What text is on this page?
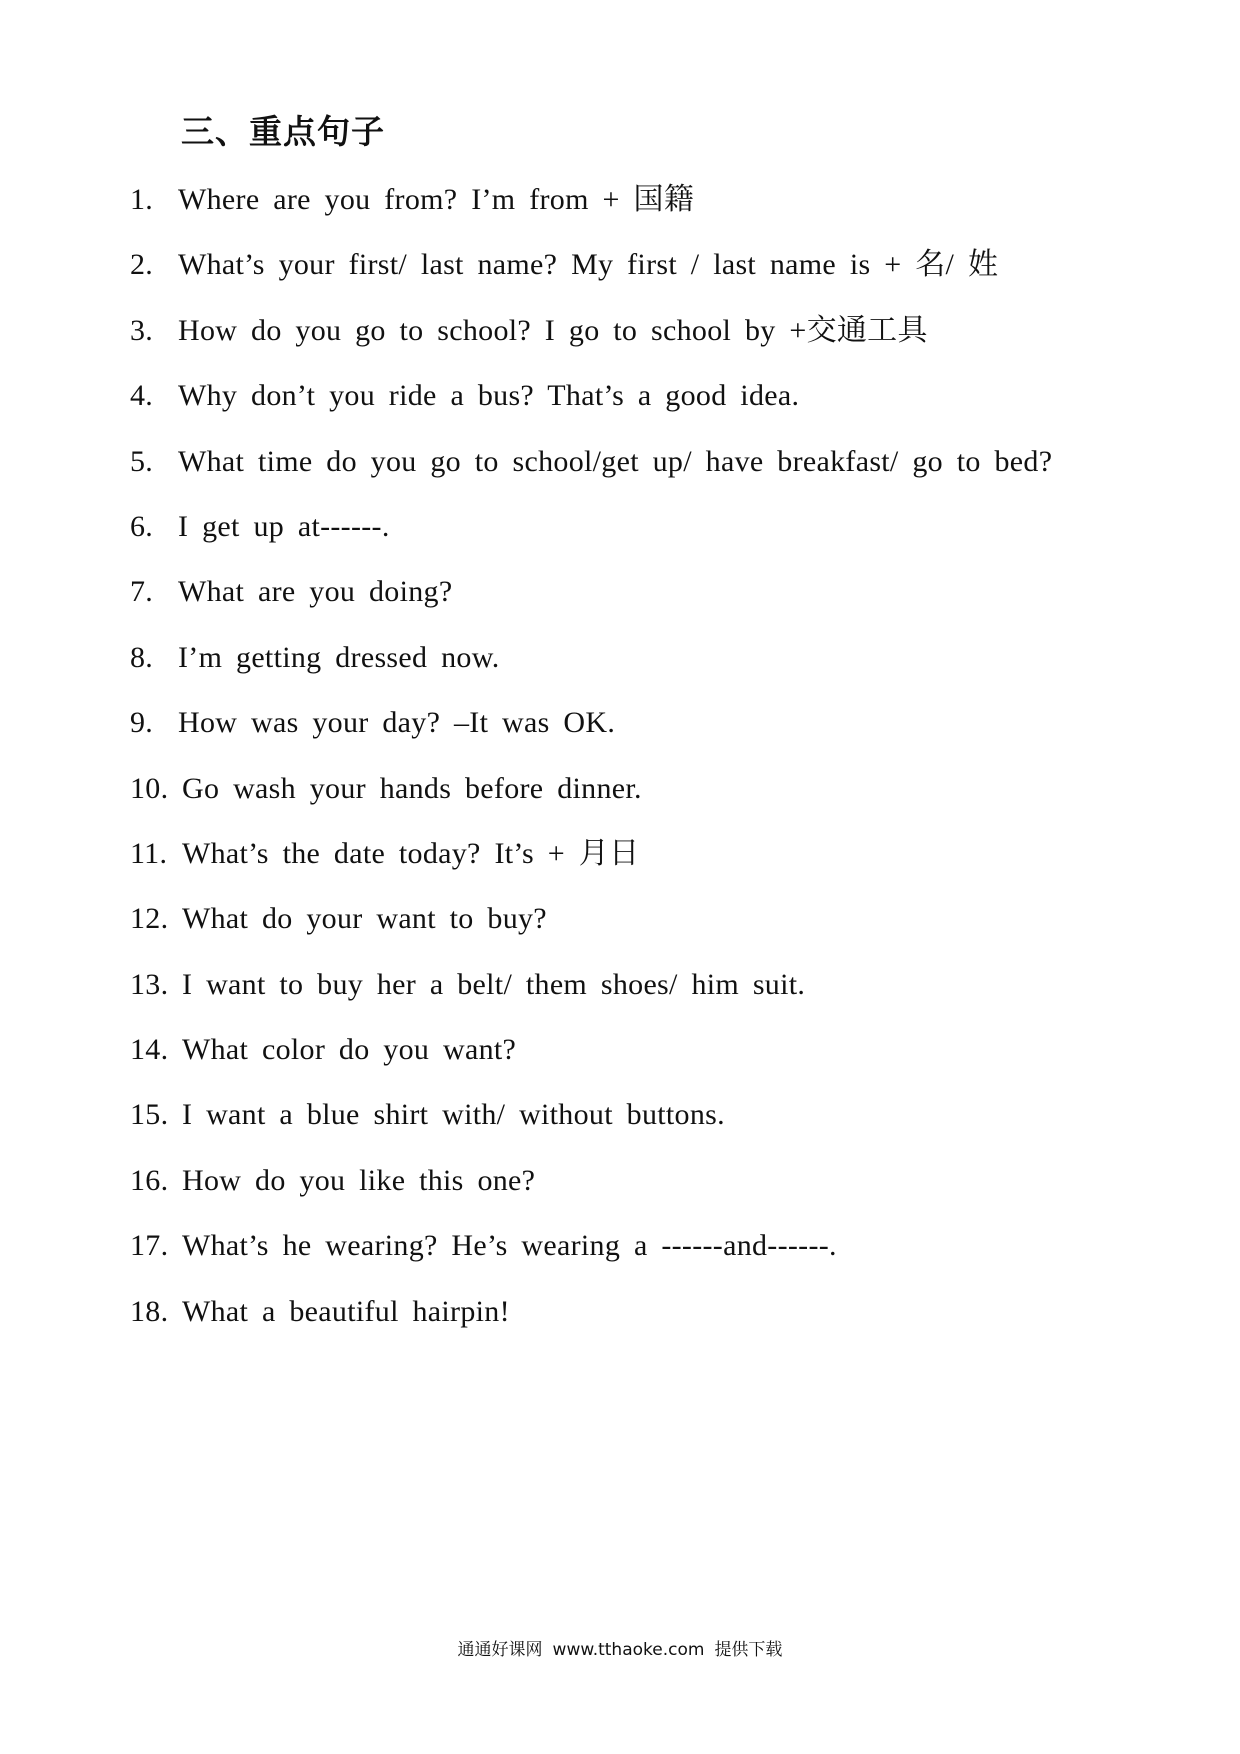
三、重点句子
1. Where are you from? I’m from + 国籍
2. What’s your first/ last name? My first / last name is + 名/ 姓
3. How do you go to school? I go to school by +交通工具
4. Why don’t you ride a bus? That’s a good idea.
5. What time do you go to school/get up/ have breakfast/ go to bed?
6. I get up at------.
7. What are you doing?
8. I’m getting dressed now.
9. How was your day? –It was OK.
10. Go wash your hands before dinner.
11. What’s the date today? It’s + 月日
12. What do your want to buy?
13. I want to buy her a belt/ them shoes/ him suit.
14. What color do you want?
15. I want a blue shirt with/ without buttons.
16. How do you like this one?
17. What’s he wearing? He’s wearing a ------and------.
18. What a beautiful hairpin!
通通好课网 www.tthaoke.com 提供下载
